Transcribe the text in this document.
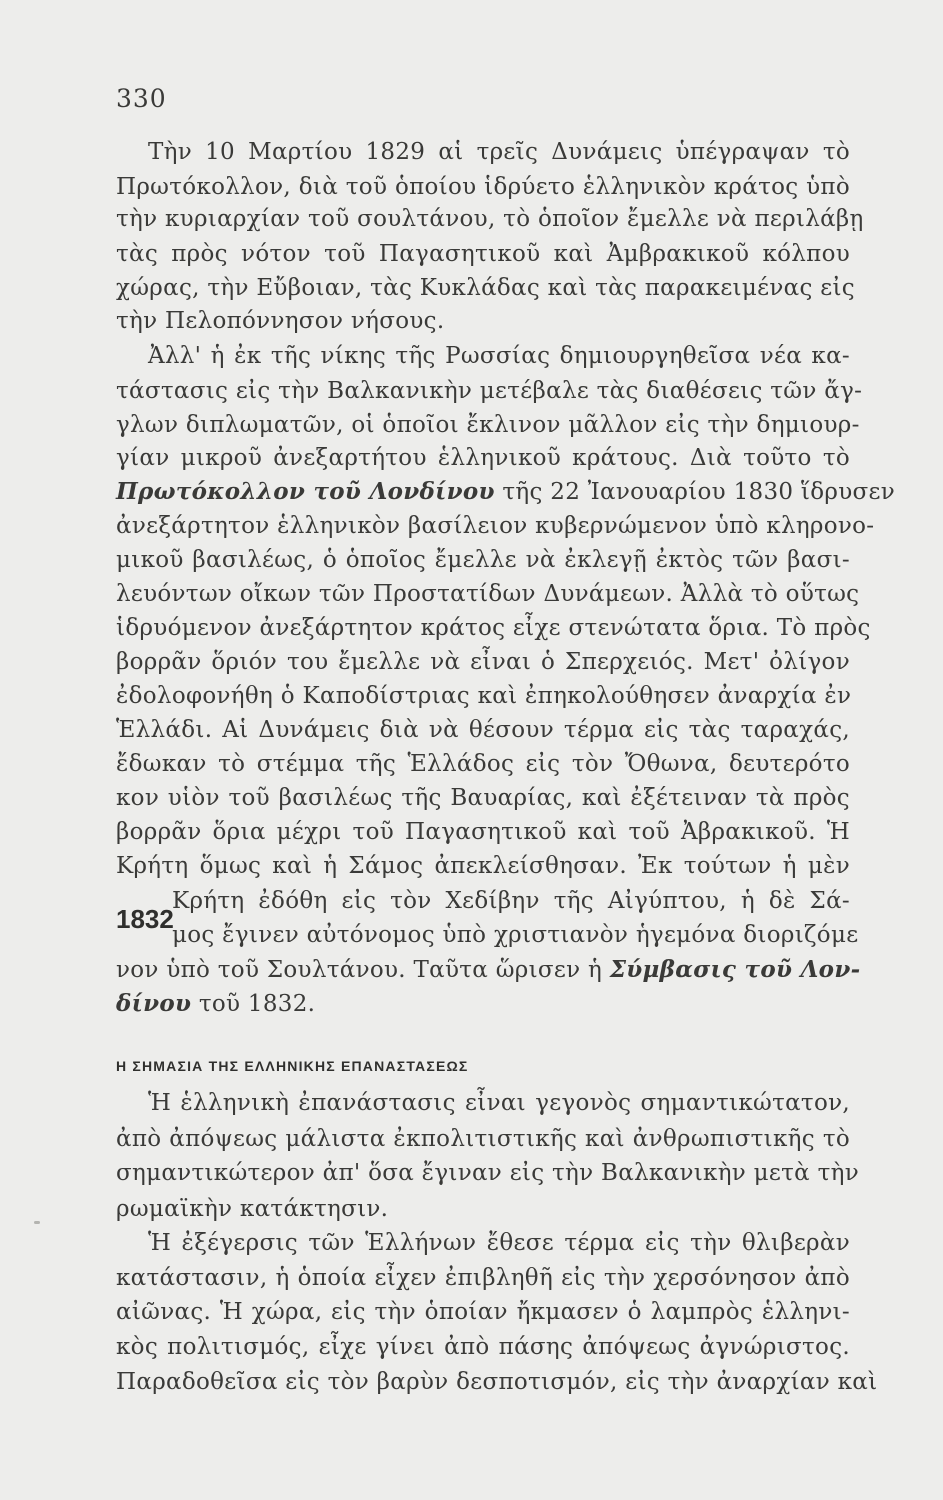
330
Τὴν 10 Μαρτίου 1829 αἱ τρεῖς Δυνάμεις ὑπέγραψαν τὸ
Πρωτόκολλον, διὰ τοῦ ὁποίου ἱδρύετο ἑλληνικὸν κράτος ὑπὸ
τὴν κυριαρχίαν τοῦ σουλτάνου, τὸ ὁποῖον ἔμελλε νὰ περιλάβῃ
τὰς πρὸς νότον τοῦ Παγασητικοῦ καὶ Ἀμβρακικοῦ κόλπου
χώρας, τὴν Εὔβοιαν, τὰς Κυκλάδας καὶ τὰς παρακειμένας εἰς
τὴν Πελοπόννησον νήσους.
Ἀλλ' ἡ ἐκ τῆς νίκης τῆς Ρωσσίας δημιουργηθεῖσα νέα κα-
τάστασις εἰς τὴν Βαλκανικὴν μετέβαλε τὰς διαθέσεις τῶν ἄγ-
γλων διπλωματῶν, οἱ ὁποῖοι ἔκλινον μᾶλλον εἰς τὴν δημιουρ-
γίαν μικροῦ ἀνεξαρτήτου ἑλληνικοῦ κράτους. Διὰ τοῦτο τὸ
Πρωτόκολλον τοῦ Λονδίνου τῆς 22 Ἰανουαρίου 1830 ἵδρυσεν
ἀνεξάρτητον ἑλληνικὸν βασίλειον κυβερνώμενον ὑπὸ κληρονο-
μικοῦ βασιλέως, ὁ ὁποῖος ἔμελλε νὰ ἐκλεγῇ ἐκτὸς τῶν βασι-
λευόντων οἴκων τῶν Προστατίδων Δυνάμεων. Ἀλλὰ τὸ οὕτως
ἱδρυόμενον ἀνεξάρτητον κράτος εἶχε στενώτατα ὅρια. Τὸ πρὸς
βορρᾶν ὅριόν του ἔμελλε νὰ εἶναι ὁ Σπερχειός. Μετ' ὀλίγον
ἐδολοφονήθη ὁ Καποδίστριας καὶ ἐπηκολούθησεν ἀναρχία ἐν
Ἑλλάδι. Αἱ Δυνάμεις διὰ νὰ θέσουν τέρμα εἰς τὰς ταραχάς,
ἔδωκαν τὸ στέμμα τῆς Ἑλλάδος εἰς τὸν Ὄθωνα, δευτερότο
κον υἱὸν τοῦ βασιλέως τῆς Βαυαρίας, καὶ ἐξέτειναν τὰ πρὸς
βορρᾶν ὅρια μέχρι τοῦ Παγασητικοῦ καὶ τοῦ Ἀβρακικοῦ. Ἡ
Κρήτη ὅμως καὶ ἡ Σάμος ἀπεκλείσθησαν. Ἐκ τούτων ἡ μὲν
1832
Κρήτη ἐδόθη εἰς τὸν Χεδίβην τῆς Αἰγύπτου, ἡ δὲ Σά-
μος ἔγινεν αὐτόνομος ὑπὸ χριστιανὸν ἡγεμόνα διοριζόμε
νον ὑπὸ τοῦ Σουλτάνου. Ταῦτα ὥρισεν ἡ Σύμβασις τοῦ Λον-
δίνου τοῦ 1832.
Η ΣΗΜΑΣΙΑ ΤΗΣ ΕΛΛΗΝΙΚΗΣ ΕΠΑΝΑΣΤΑΣΕΩΣ
Ἡ ἑλληνικὴ ἐπανάστασις εἶναι γεγονὸς σημαντικώτατον,
ἀπὸ ἀπόψεως μάλιστα ἐκπολιτιστικῆς καὶ ἀνθρωπιστικῆς τὸ
σημαντικώτερον ἀπ' ὅσα ἔγιναν εἰς τὴν Βαλκανικὴν μετὰ τὴν
ρωμαϊκὴν κατάκτησιν.
Ἡ ἐξέγερσις τῶν Ἑλλήνων ἔθεσε τέρμα εἰς τὴν θλιβερὰν
κατάστασιν, ἡ ὁποία εἶχεν ἐπιβληθῆ εἰς τὴν χερσόνησον ἀπὸ
αἰῶνας. Ἡ χώρα, εἰς τὴν ὁποίαν ἤκμασεν ὁ λαμπρὸς ἑλληνι-
κὸς πολιτισμός, εἶχε γίνει ἀπὸ πάσης ἀπόψεως ἀγνώριστος.
Παραδοθεῖσα εἰς τὸν βαρὺν δεσποτισμόν, εἰς τὴν ἀναρχίαν καὶ
